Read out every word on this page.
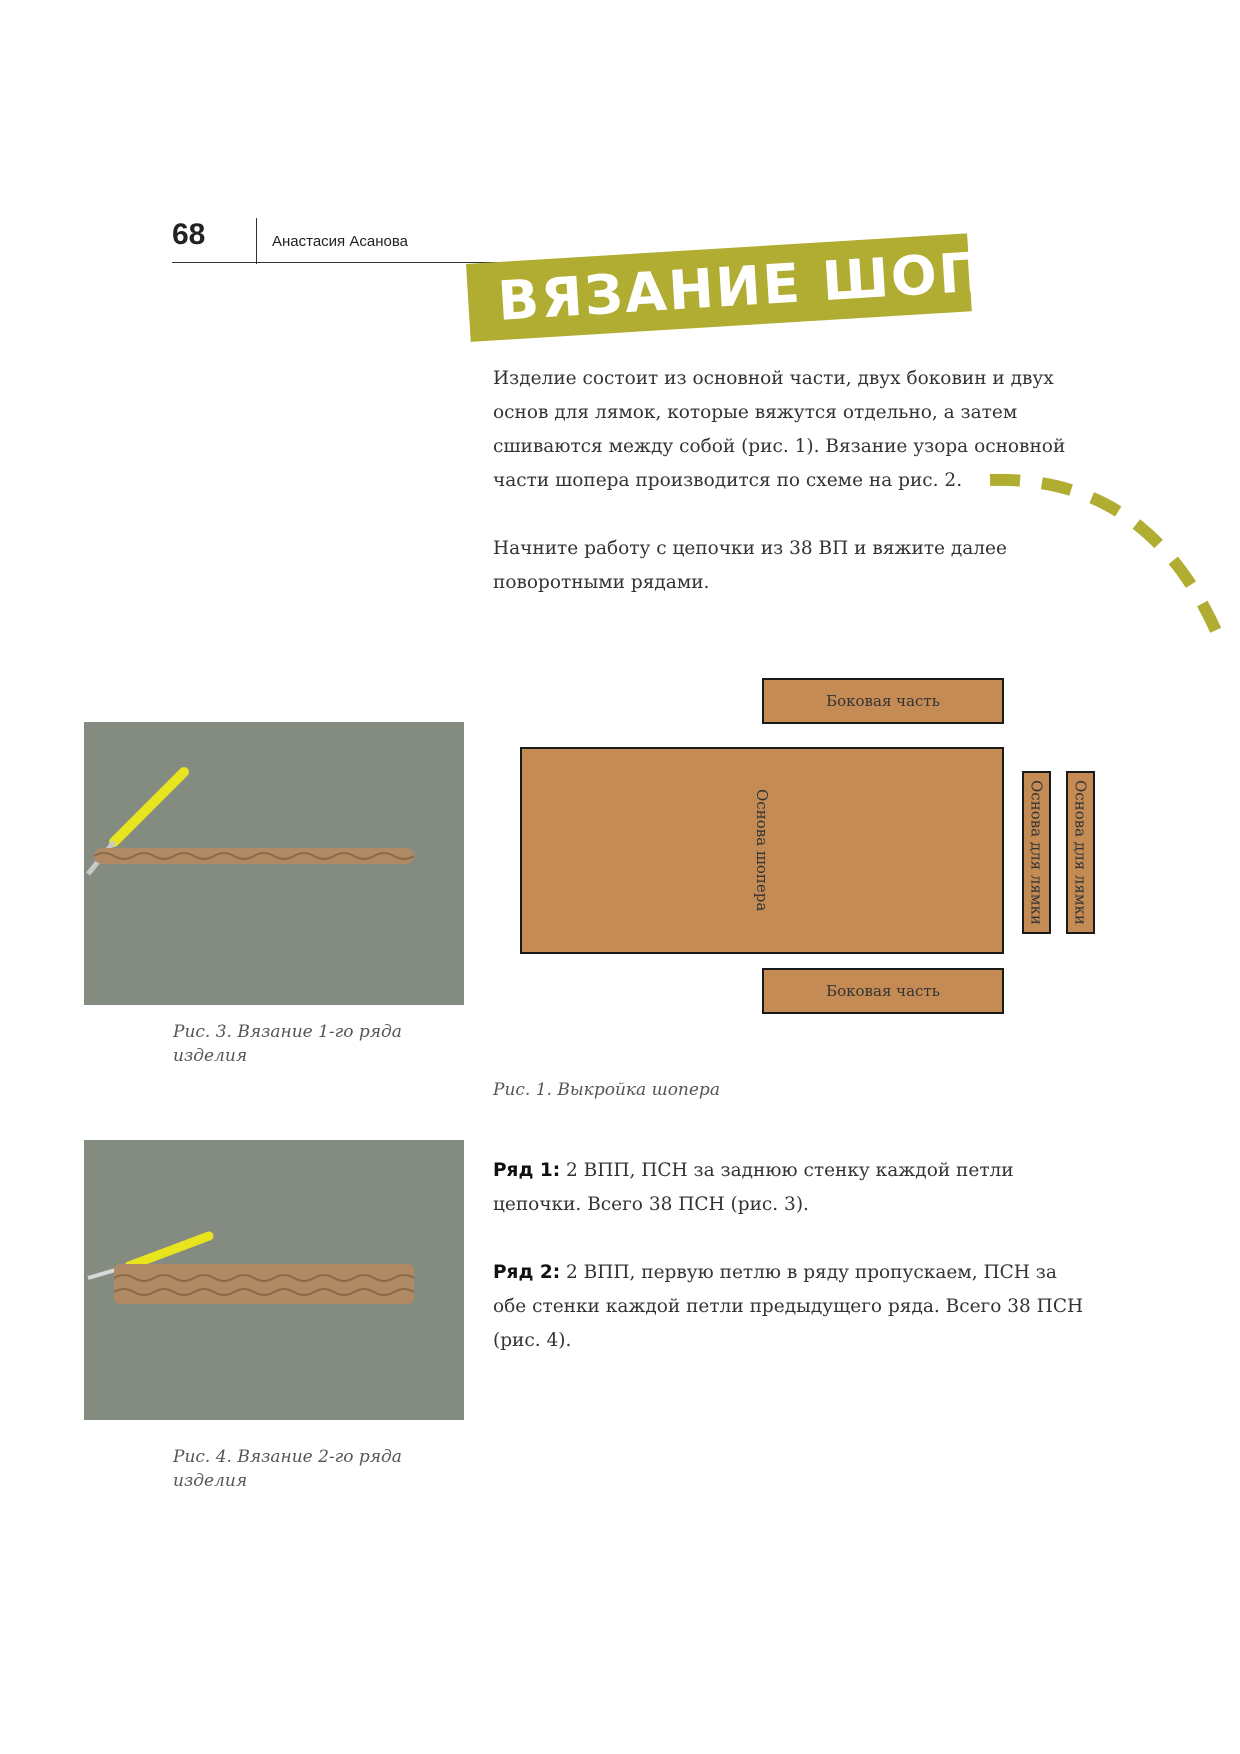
68	Анастасия Асанова ВЯЗАНИЕ ШОПЕРА
Изделие состоит из основной части, двух боковин и двух основ для лямок, которые вяжутся отдельно, а затем сшиваются между собой (рис. 1). Вязание узора основной части шопера производится по схеме на рис. 2.
Начните работу с цепочки из 38 ВП и вяжите далее поворотными рядами.
Рис. 3. Вязание 1-го ряда изделия
Боковая часть
Основа шопера	Основа для лямки Основа для лямки
Боковая часть
Рис. 1. Выкройка шопера
Рис. 4. Вязание 2-го ряда изделия
Ряд 1: 2 ВПП, ПСН за заднюю стенку каждой петли цепочки. Всего 38 ПСН (рис. 3).
Ряд 2: 2 ВПП, первую петлю в ряду пропускаем, ПСН за обе стенки каждой петли предыдущего ряда. Всего 38 ПСН (рис. 4).
